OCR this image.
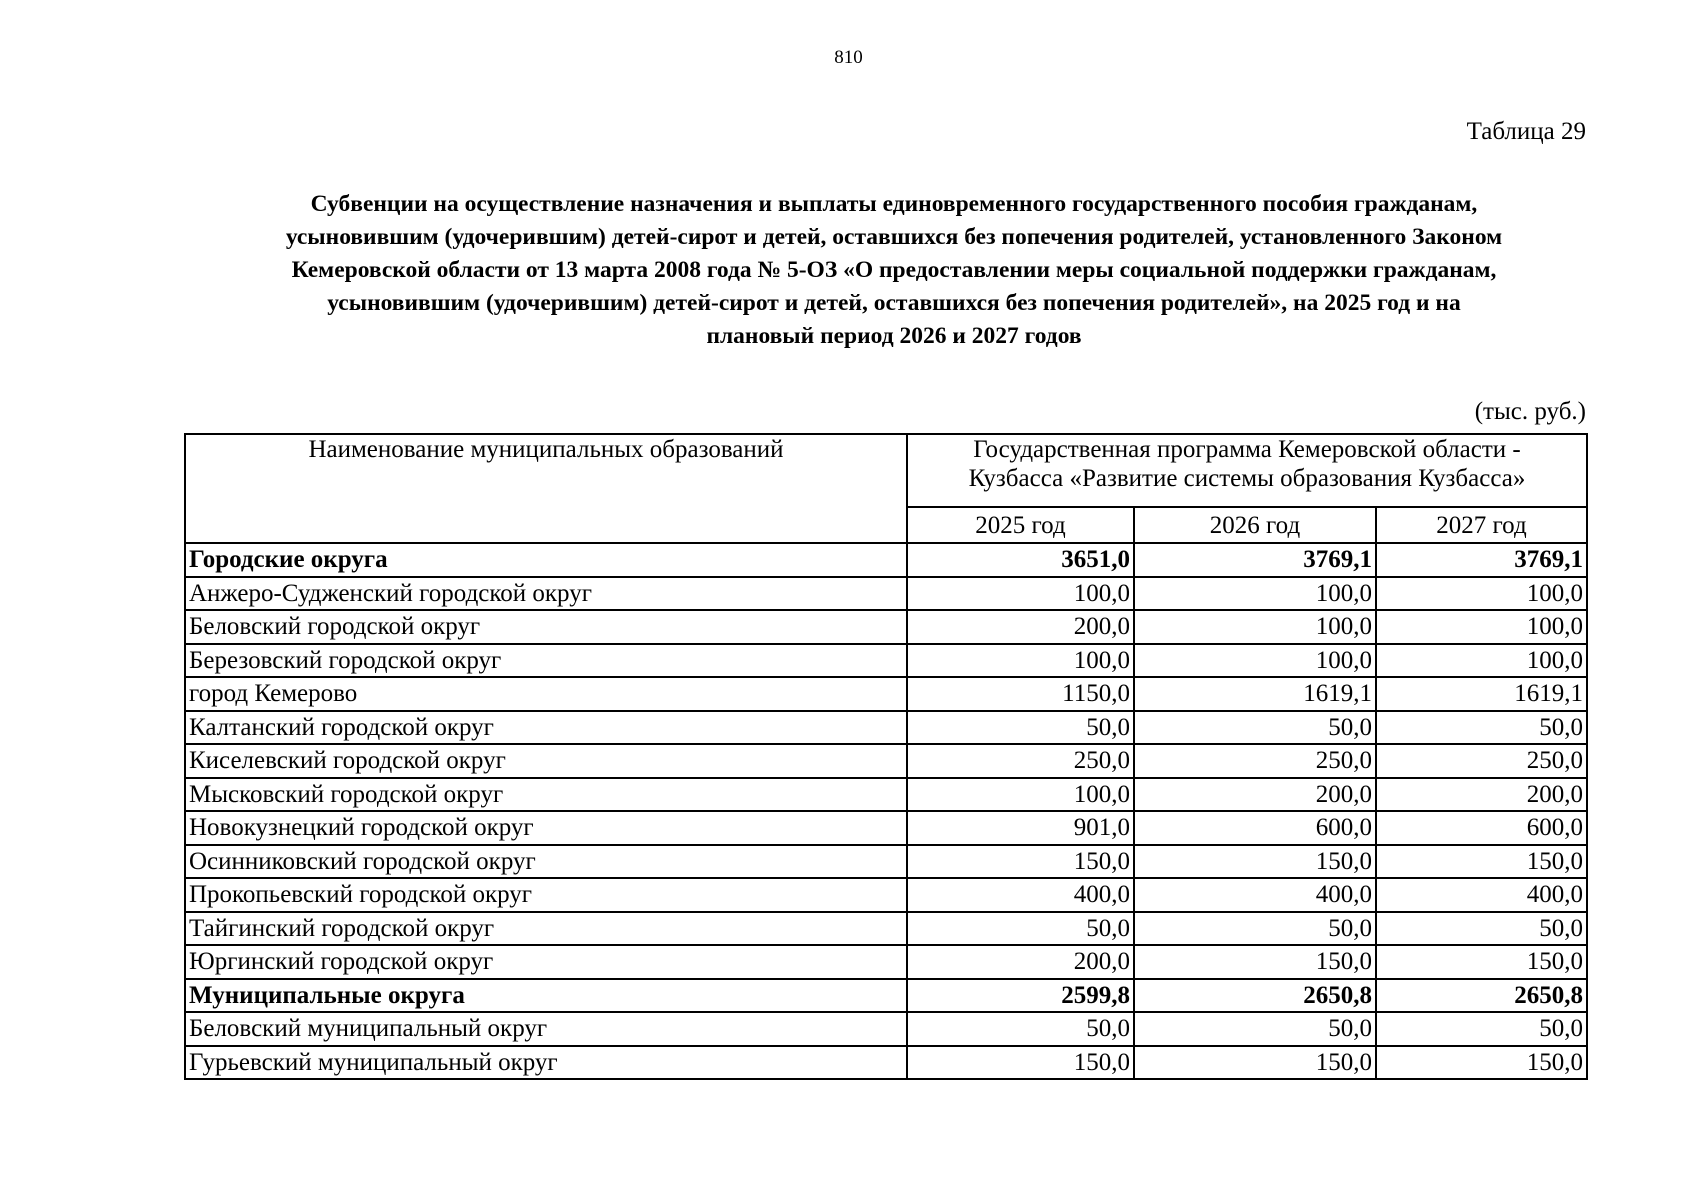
810
Таблица 29
Субвенции на осуществление назначения и выплаты единовременного государственного пособия гражданам,
усыновившим (удочерившим) детей-сирот и детей, оставшихся без попечения родителей, установленного Законом
Кемеровской области от 13 марта 2008 года № 5-ОЗ «О предоставлении меры социальной поддержки гражданам,
усыновившим (удочерившим) детей-сирот и детей, оставшихся без попечения родителей», на 2025 год и на
плановый период 2026 и 2027 годов
(тыс. руб.)
Наименование муниципальных образований	Государственная программа Кемеровской области -
Кузбасса «Развитие системы образования Кузбасса»		

	2025 год	2026 год	2027 год
Городские округа	3651,0	3769,1	3769,1
Анжеро-Судженский городской округ	100,0	100,0	100,0
Беловский городской округ	200,0	100,0	100,0
Березовский городской округ	100,0	100,0	100,0
город Кемерово	1150,0	1619,1	1619,1
Калтанский городской округ	50,0	50,0	50,0
Киселевский городской округ	250,0	250,0	250,0
Мысковский городской округ	100,0	200,0	200,0
Новокузнецкий городской округ	901,0	600,0	600,0
Осинниковский городской округ	150,0	150,0	150,0
Прокопьевский городской округ	400,0	400,0	400,0
Тайгинский городской округ	50,0	50,0	50,0
Юргинский городской округ	200,0	150,0	150,0
Муниципальные округа	2599,8	2650,8	2650,8
Беловский муниципальный округ	50,0	50,0	50,0
Гурьевский муниципальный округ	150,0	150,0	150,0
